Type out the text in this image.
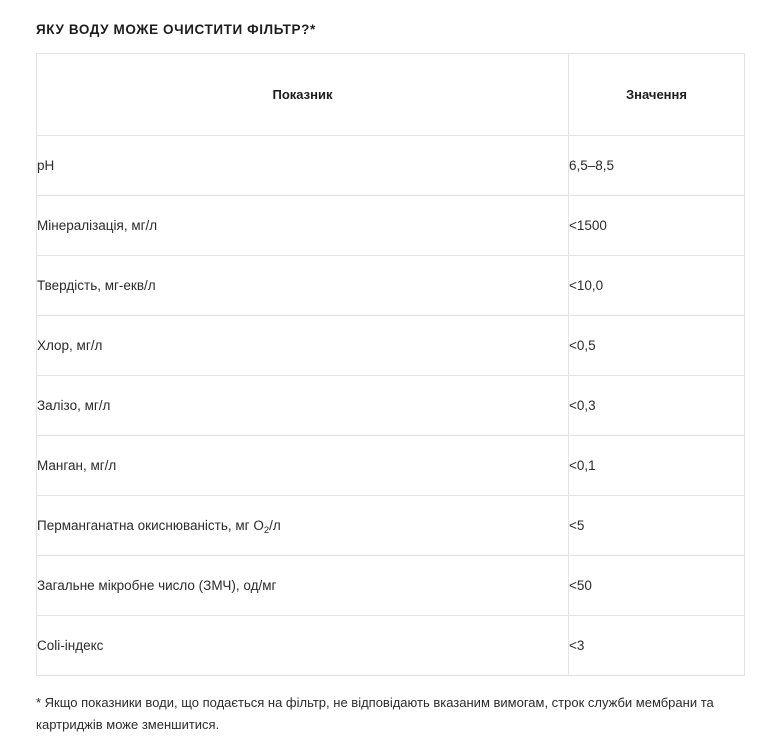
ЯКУ ВОДУ МОЖЕ ОЧИСТИТИ ФІЛЬТР?*
Показник	Значення
pH	6,5–8,5
Мінералізація, мг/л	<1500
Твердість, мг-екв/л	<10,0
Хлор, мг/л	<0,5
Залізо, мг/л	<0,3
Манган, мг/л	<0,1
Перманганатна окиснюваність, мг $O_2/л$	<5
Загальне мікробне число (ЗМЧ), од/мг	<50
Coli-індекс	<3

* Якщо показники води, що подається на фільтр, не відповідають вказаним вимогам, строк служби мембрани та картриджів може зменшитися.
